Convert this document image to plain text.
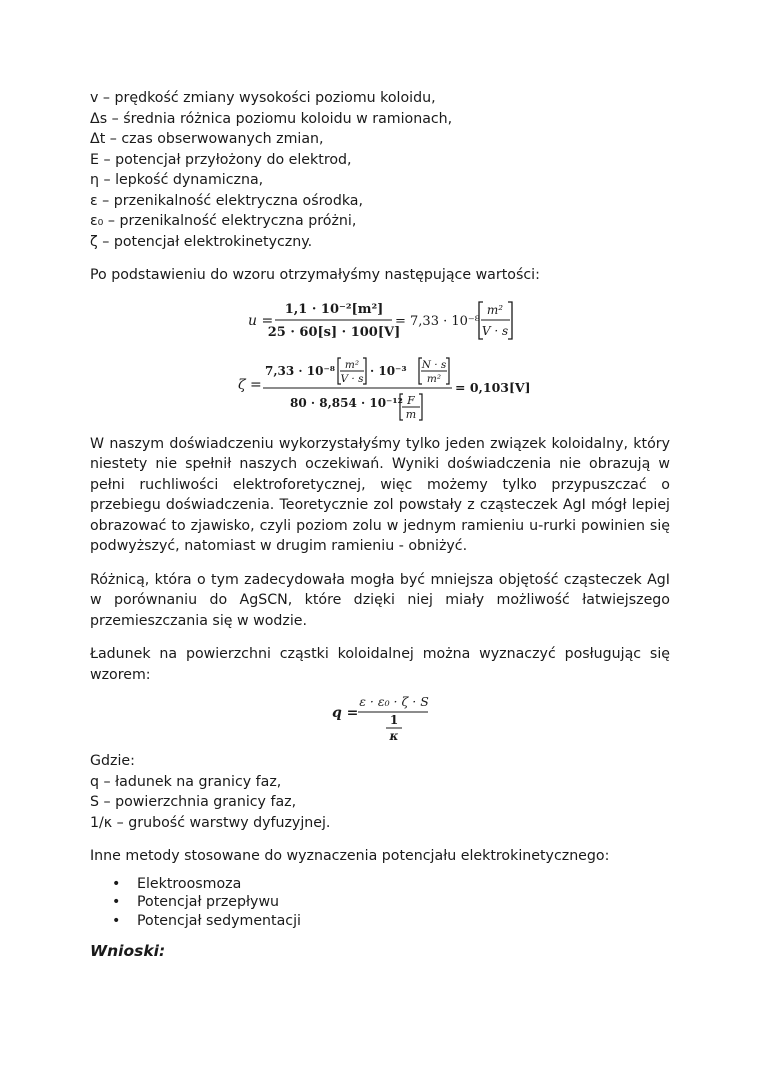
v – prędkość zmiany wysokości poziomu koloidu,
Δs – średnia różnica poziomu koloidu w ramionach,
Δt – czas obserwowanych zmian,
E – potencjał przyłożony do elektrod,
η – lepkość dynamiczna,
ε – przenikalność elektryczna ośrodka,
ε₀ – przenikalność elektryczna próżni,
ζ – potencjał elektrokinetyczny.
Po podstawieniu do wzoru otrzymałyśmy następujące wartości:
u =
1,1 · 10⁻²[m²]
25 · 60[s] · 100[V]
= 7,33 · 10⁻⁸
m²
V · s
ζ =
7,33 · 10⁻⁸ m²
V · s
· 10⁻³ N · s
m²
80 · 8,854 · 10⁻¹² F
m
= 0,103[V]
W naszym doświadczeniu wykorzystałyśmy tylko jeden związek koloidalny, który niestety nie spełnił naszych oczekiwań. Wyniki doświadczenia nie obrazują w pełni ruchliwości elektroforetycznej, więc możemy tylko przypuszczać o przebiegu doświadczenia. Teoretycznie zol powstały z cząsteczek AgI mógł lepiej obrazować to zjawisko, czyli poziom zolu w jednym ramieniu u-rurki powinien się podwyższyć, natomiast w drugim ramieniu - obniżyć.
Różnicą, która o tym zadecydowała mogła być mniejsza objętość cząsteczek AgI w porównaniu do AgSCN, które dzięki niej miały możliwość łatwiejszego przemieszczania się w wodzie.
Ładunek na powierzchni cząstki koloidalnej można wyznaczyć posługując się wzorem:
q =
ε · ε₀ · ζ · S
1
κ
Gdzie:
q – ładunek na granicy faz,
S – powierzchnia granicy faz,
1/κ – grubość warstwy dyfuzyjnej.
Inne metody stosowane do wyznaczenia potencjału elektrokinetycznego:
• Elektroosmoza
• Potencjał przepływu
• Potencjał sedymentacji
Wnioski:
